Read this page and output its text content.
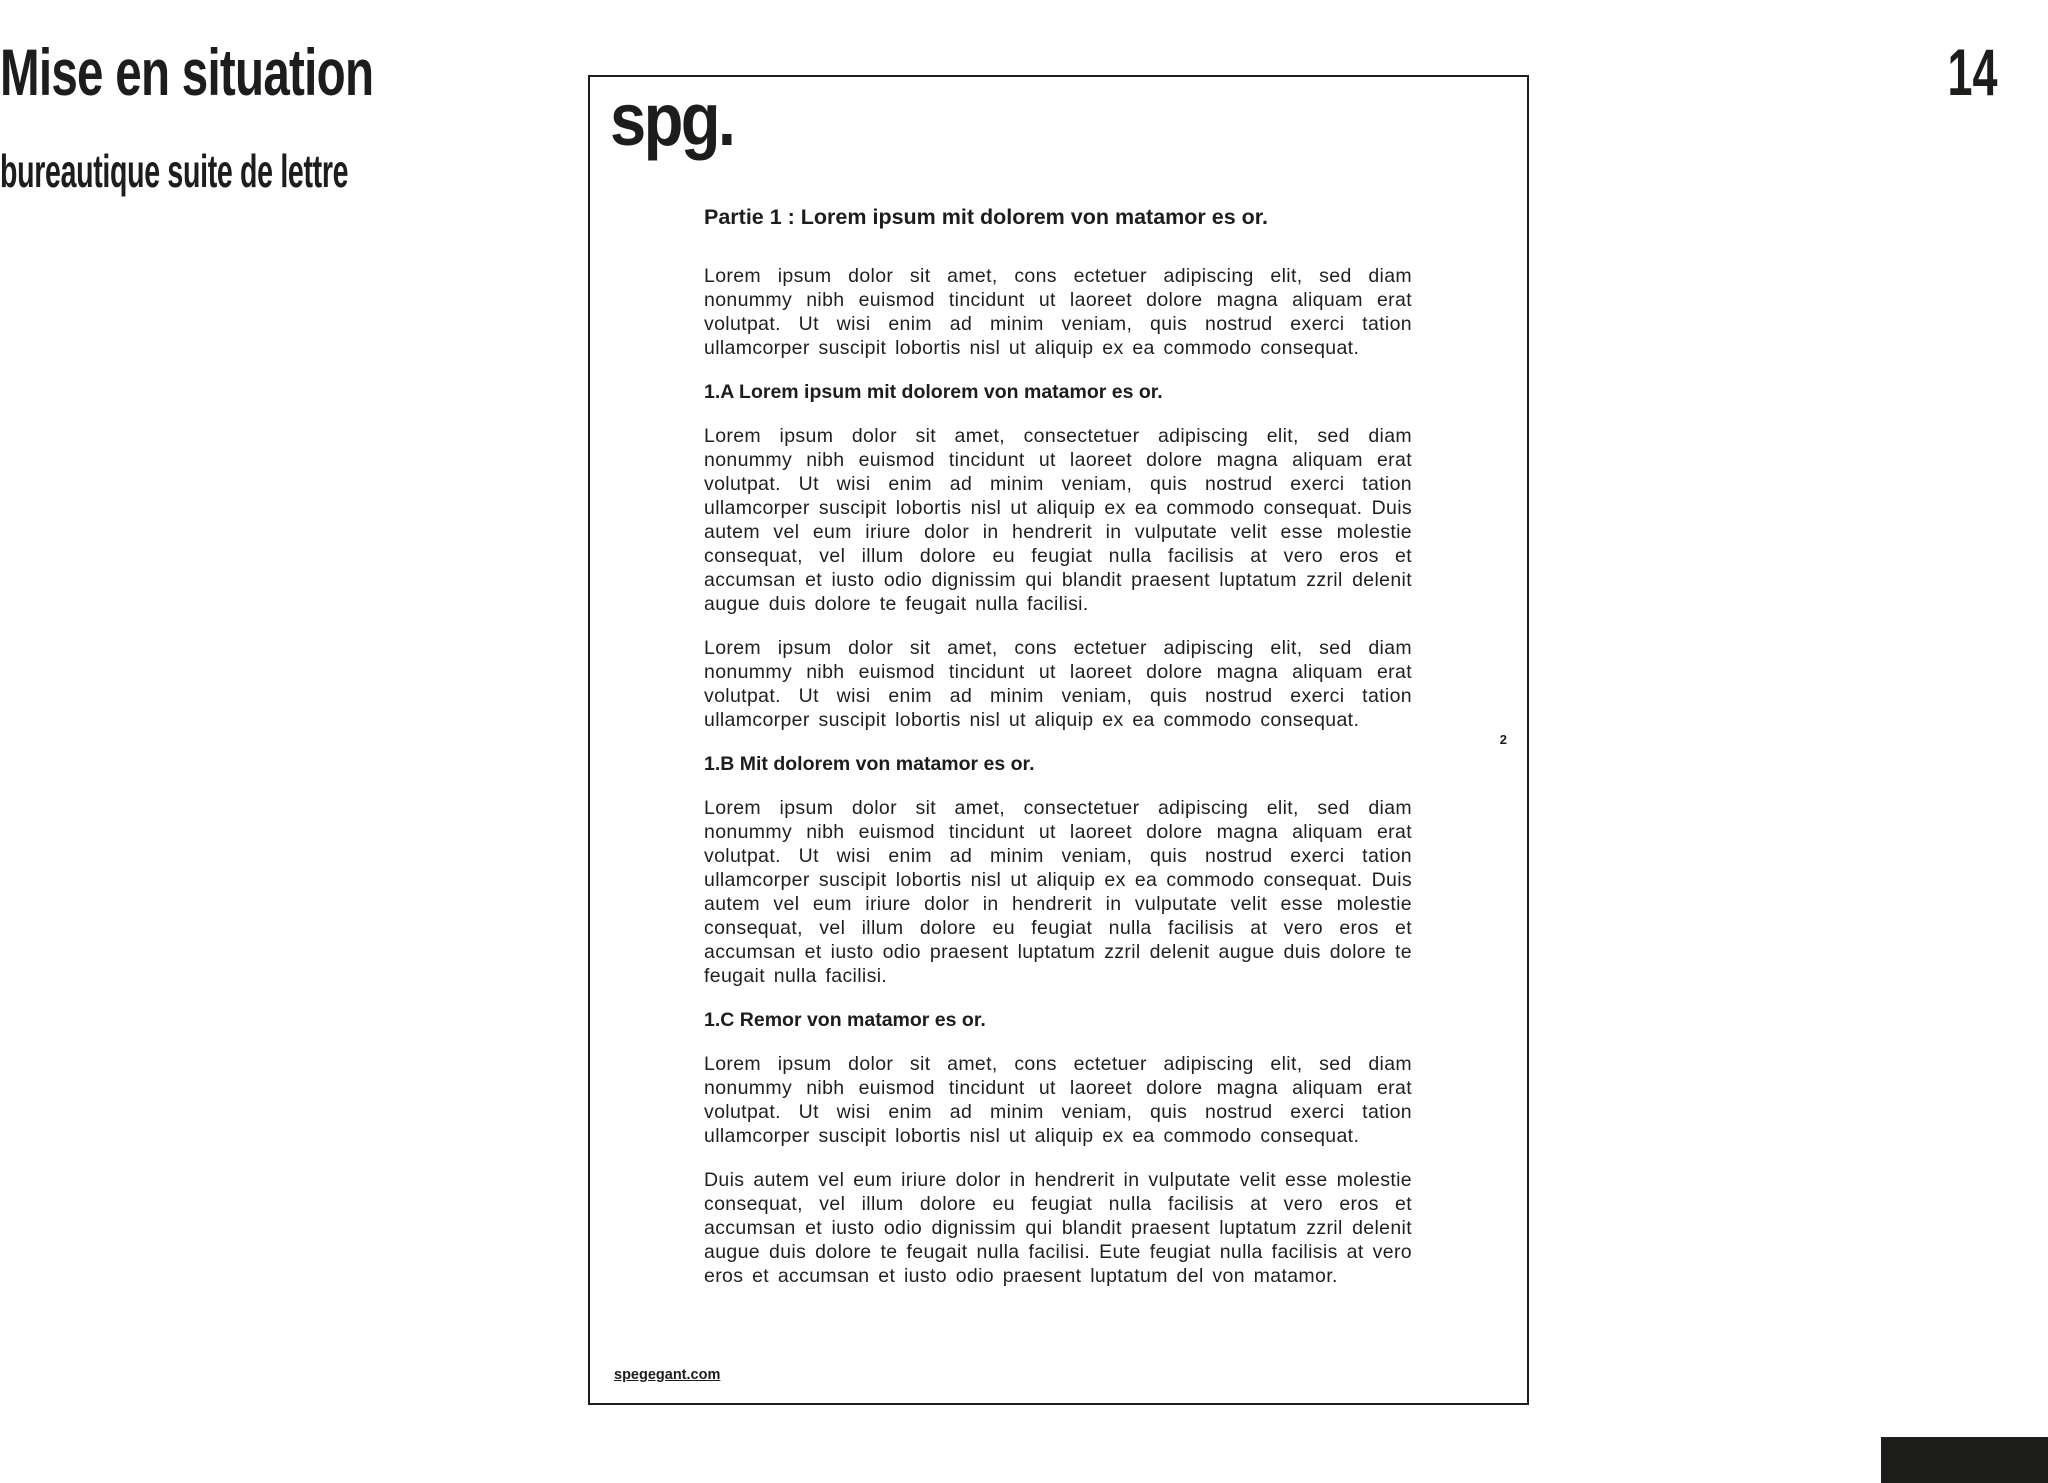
Mise en situation
bureautique suite de lettre
14
spg.
Partie 1 : Lorem ipsum mit dolorem von matamor es or.

Lorem ipsum dolor sit amet, cons ectetuer adipiscing elit, sed diam nonummy nibh euismod tincidunt ut laoreet dolore magna aliquam erat volutpat. Ut wisi enim ad minim veniam, quis nostrud exerci tation ullamcorper suscipit lobortis nisl ut aliquip ex ea commodo consequat.

1.A Lorem ipsum mit dolorem von matamor es or.

Lorem ipsum dolor sit amet, consectetuer adipiscing elit, sed diam nonummy nibh euismod tincidunt ut laoreet dolore magna aliquam erat volutpat. Ut wisi enim ad minim veniam, quis nostrud exerci tation ullamcorper suscipit lobortis nisl ut aliquip ex ea commodo consequat. Duis autem vel eum iriure dolor in hendrerit in vulputate velit esse molestie consequat, vel illum dolore eu feugiat nulla facilisis at vero eros et accumsan et iusto odio dignissim qui blandit praesent luptatum zzril delenit augue duis dolore te feugait nulla facilisi.

Lorem ipsum dolor sit amet, cons ectetuer adipiscing elit, sed diam nonummy nibh euismod tincidunt ut laoreet dolore magna aliquam erat volutpat. Ut wisi enim ad minim veniam, quis nostrud exerci tation ullamcorper suscipit lobortis nisl ut aliquip ex ea commodo consequat.

1.B Mit dolorem von matamor es or.

Lorem ipsum dolor sit amet, consectetuer adipiscing elit, sed diam nonummy nibh euismod tincidunt ut laoreet dolore magna aliquam erat volutpat. Ut wisi enim ad minim veniam, quis nostrud exerci tation ullamcorper suscipit lobortis nisl ut aliquip ex ea commodo consequat. Duis autem vel eum iriure dolor in hendrerit in vulputate velit esse molestie consequat, vel illum dolore eu feugiat nulla facilisis at vero eros et accumsan et iusto odio praesent luptatum zzril delenit augue duis dolore te feugait nulla facilisi.

1.C Remor von matamor es or.

Lorem ipsum dolor sit amet, cons ectetuer adipiscing elit, sed diam nonummy nibh euismod tincidunt ut laoreet dolore magna aliquam erat volutpat. Ut wisi enim ad minim veniam, quis nostrud exerci tation ullamcorper suscipit lobortis nisl ut aliquip ex ea commodo consequat.

Duis autem vel eum iriure dolor in hendrerit in vulputate velit esse molestie consequat, vel illum dolore eu feugiat nulla facilisis at vero eros et accumsan et iusto odio dignissim qui blandit praesent luptatum zzril delenit augue duis dolore te feugait nulla facilisi. Eute feugiat nulla facilisis at vero eros et accumsan et iusto odio praesent luptatum del von matamor.

2
spegegant.com
